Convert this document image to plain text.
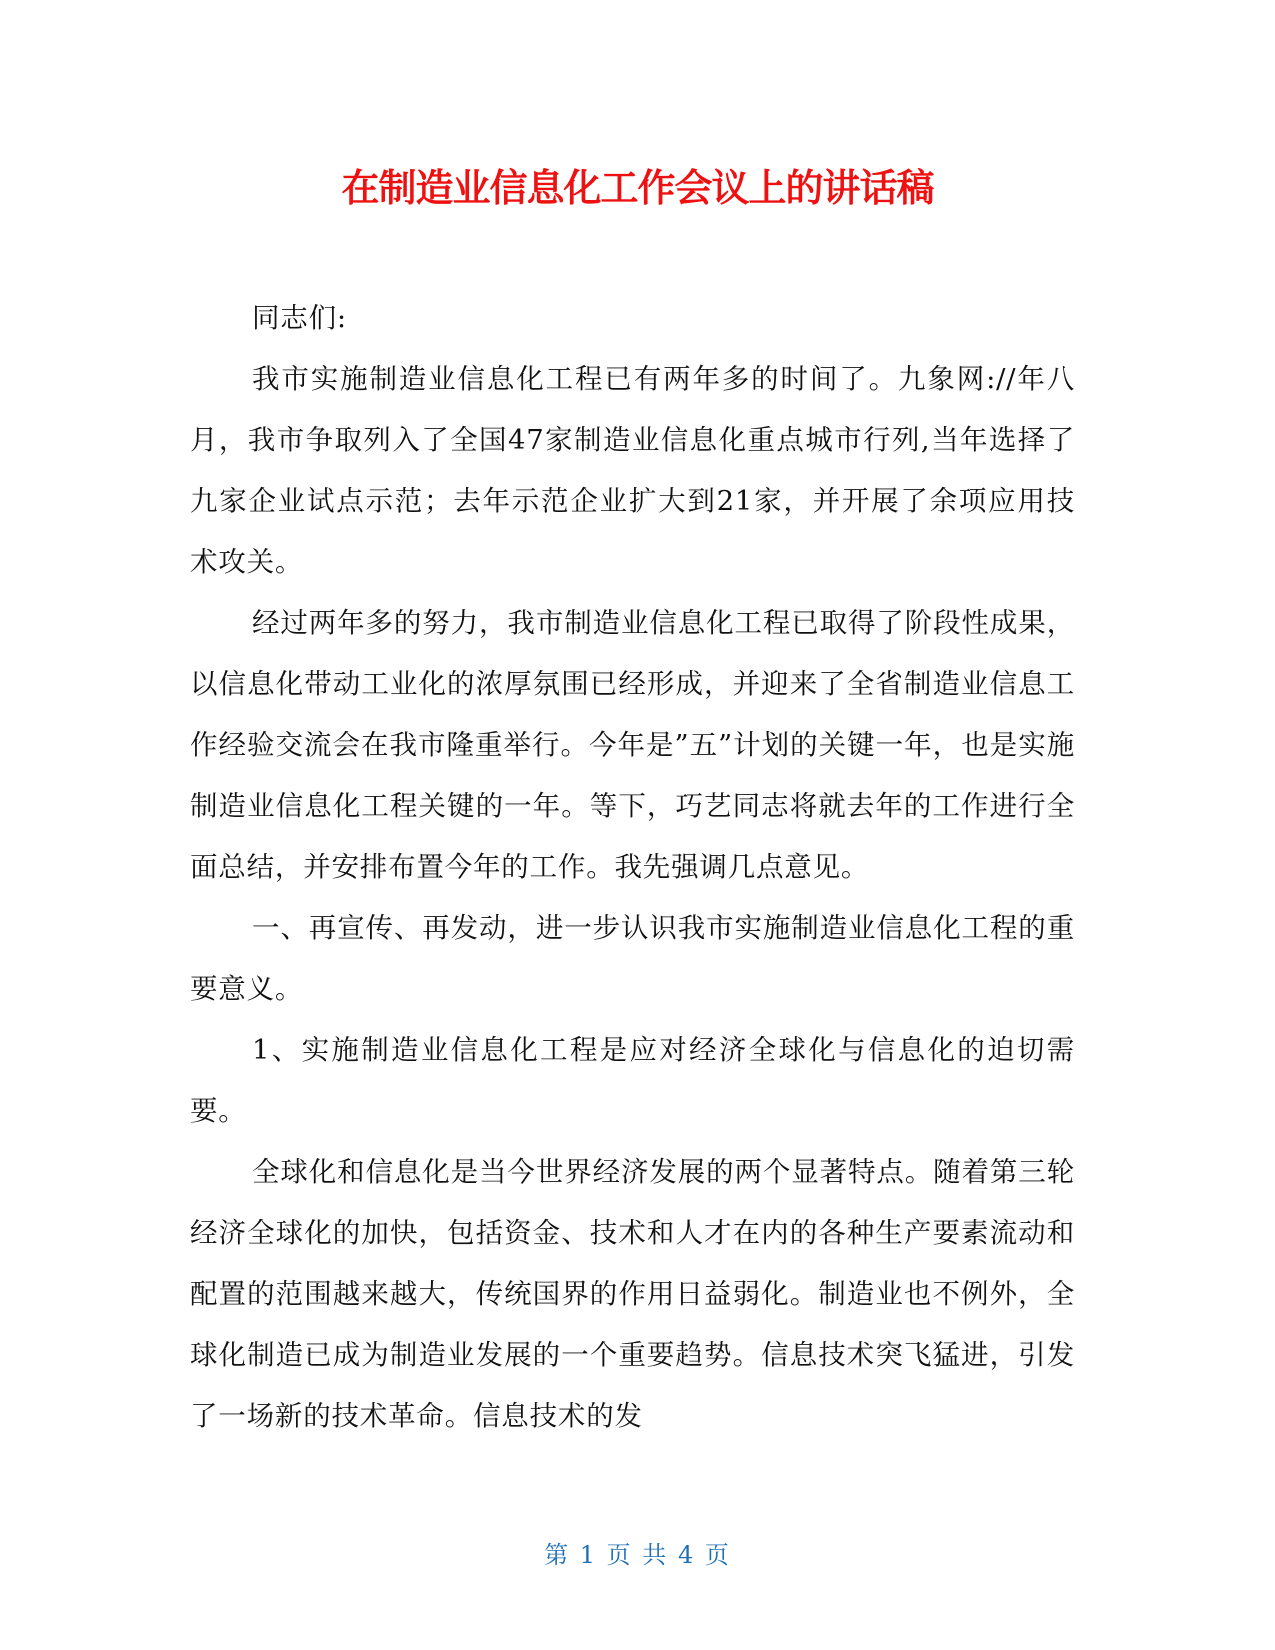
在制造业信息化工作会议上的讲话稿

同志们:

我市实施制造业信息化工程已有两年多的时间了。九象网://年八月，我市争取列入了全国47家制造业信息化重点城市行列,当年选择了九家企业试点示范；去年示范企业扩大到21家，并开展了余项应用技术攻关。

经过两年多的努力，我市制造业信息化工程已取得了阶段性成果，以信息化带动工业化的浓厚氛围已经形成，并迎来了全省制造业信息工作经验交流会在我市隆重举行。今年是”五”计划的关键一年，也是实施制造业信息化工程关键的一年。等下，巧艺同志将就去年的工作进行全面总结，并安排布置今年的工作。我先强调几点意见。

一、再宣传、再发动，进一步认识我市实施制造业信息化工程的重要意义。

1、实施制造业信息化工程是应对经济全球化与信息化的迫切需要。

全球化和信息化是当今世界经济发展的两个显著特点。随着第三轮经济全球化的加快，包括资金、技术和人才在内的各种生产要素流动和配置的范围越来越大，传统国界的作用日益弱化。制造业也不例外，全球化制造已成为制造业发展的一个重要趋势。信息技术突飞猛进，引发了一场新的技术革命。信息技术的发

第 1 页 共 4 页
